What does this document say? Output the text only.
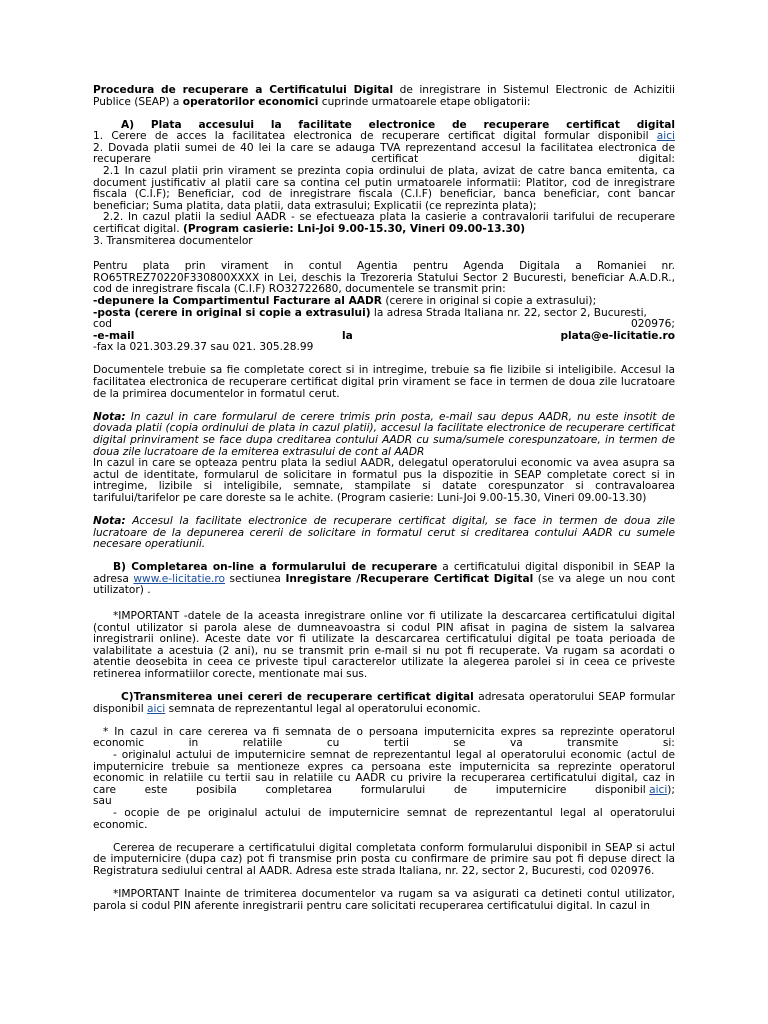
Procedura de recuperare a Certificatului Digital de inregistrare in Sistemul Electronic de Achizitii Publice (SEAP) a operatorilor economici cuprinde urmatoarele etape obligatorii:

A) Plata accesului la facilitate electronice de recuperare certificat digital

1. Cerere de acces la facilitatea electronica de recuperare certificat digital formular disponibil aici

2. Dovada platii sumei de 40 lei la care se adauga TVA reprezentand accesul la facilitatea electronica de

recuperare	certificat	digital:

2.1 In cazul platii prin virament se prezinta copia ordinului de plata, avizat de catre banca emitenta, ca document justificativ al platii care sa contina cel putin urmatoarele informatii: Platitor, cod de inregistrare fiscala (C.I.F); Beneficiar, cod de inregistrare fiscala (C.I.F) beneficiar, banca beneficiar, cont bancar beneficiar; Suma platita, data platii, data extrasului; Explicatii (ce reprezinta plata);

2.2. In cazul platii la sediul AADR - se efectueaza plata la casierie a contravalorii tarifului de recuperare certificat digital. (Program casierie: Lni-Joi 9.00-15.30, Vineri 09.00-13.30)

3. Transmiterea documentelor

Pentru plata prin virament in contul Agentia pentru Agenda Digitala a Romaniei nr. RO65TREZ70220F330800XXXX in Lei, deschis la Trezoreria Statului Sector 2 Bucuresti, beneficiar A.A.D.R., cod de inregistrare fiscala (C.I.F) RO32722680, documentele se transmit prin:

-depunere la Compartimentul Facturare al AADR (cerere in original si copie a extrasului);

-posta (cerere in original si copie a extrasului) la adresa Strada Italiana nr. 22, sector 2, Bucuresti,

cod	020976;
-e-mail	la	plata@e-licitatie.ro

-fax la 021.303.29.37 sau 021. 305.28.99

Documentele trebuie sa fie completate corect si in intregime, trebuie sa fie lizibile si inteligibile. Accesul la facilitatea electronica de recuperare certificat digital prin virament se face in termen de doua zile lucratoare de la primirea documentelor in formatul cerut.

Nota: In cazul in care formularul de cerere trimis prin posta, e-mail sau depus AADR, nu este insotit de dovada platii (copia ordinului de plata in cazul platii), accesul la facilitate electronice de recuperare certificat digital prinvirament se face dupa creditarea contului AADR cu suma/sumele corespunzatoare, in termen de doua zile lucratoare de la emiterea extrasului de cont al AADR

In cazul in care se opteaza pentru plata la sediul AADR, delegatul operatorului economic va avea asupra sa actul de identitate, formularul de solicitare in formatul pus la dispozitie in SEAP completate corect si in intregime, lizibile si inteligibile, semnate, stampilate si datate corespunzator si contravaloarea tarifului/tarifelor pe care doreste sa le achite. (Program casierie: Luni-Joi 9.00-15.30, Vineri 09.00-13.30)

Nota: Accesul la facilitate electronice de recuperare certificat digital, se face in termen de doua zile lucratoare de la depunerea cererii de solicitare in formatul cerut si creditarea contului AADR cu sumele necesare operatiunii.

B) Completarea on-line a formularului de recuperare a certificatului digital disponibil in SEAP la adresa www.e-licitatie.ro sectiunea Inregistare /Recuperare Certificat Digital (se va alege un nou cont utilizator) .

*IMPORTANT -datele de la aceasta inregistrare online vor fi utilizate la descarcarea certificatului digital (contul utilizator si parola alese de dumneavoastra si codul PIN afisat in pagina de sistem la salvarea inregistrarii online). Aceste date vor fi utilizate la descarcarea certificatului digital pe toata perioada de valabilitate a acestuia (2 ani), nu se transmit prin e-mail si nu pot fi recuperate. Va rugam sa acordati o atentie deosebita in ceea ce priveste tipul caracterelor utilizate la alegerea parolei si in ceea ce priveste retinerea informatiilor corecte, mentionate mai sus.

C)Transmiterea unei cereri de recuperare certificat digital adresata operatorului SEAP formular disponibil aici semnata de reprezentantul legal al operatorului economic.

* In cazul in care cererea va fi semnata de o persoana imputernicita expres sa reprezinte operatorul

economic	in	relatiile	cu	tertii	se	va	transmite	si:

- originalul actului de imputernicire semnat de reprezentantul legal al operatorului economic (actul de imputernicire trebuie sa mentioneze expres ca persoana este imputernicita sa reprezinte operatorul economic in relatiile cu tertii sau in relatiile cu AADR cu privire la recuperarea certificatului digital, caz in

care	este	posibila	completarea	formularului	de	imputernicire	disponibil aici);

sau

- ocopie de pe originalul actului de imputernicire semnat de reprezentantul legal al operatorului economic.

Cererea de recuperare a certificatului digital completata conform formularului disponibil in SEAP si actul de imputernicire (dupa caz) pot fi transmise prin posta cu confirmare de primire sau pot fi depuse direct la Registratura sediului central al AADR. Adresa este strada Italiana, nr. 22, sector 2, Bucuresti, cod 020976.

*IMPORTANT Inainte de trimiterea documentelor va rugam sa va asigurati ca detineti contul utilizator, parola si codul PIN aferente inregistrarii pentru care solicitati recuperarea certificatului digital. In cazul in
